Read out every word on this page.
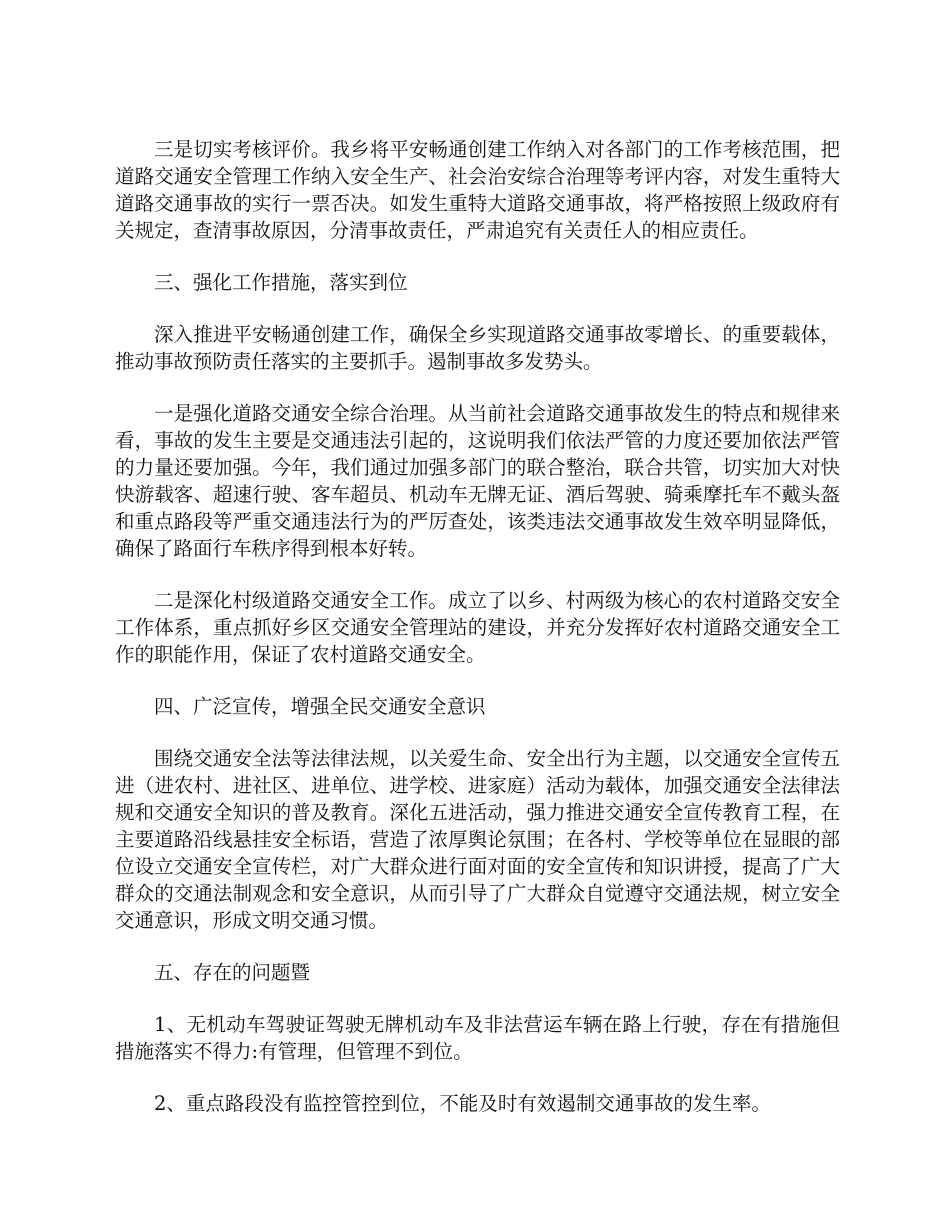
三是切实考核评价。我乡将平安畅通创建工作纳入对各部门的工作考核范围，把道路交通安全管理工作纳入安全生产、社会治安综合治理等考评内容，对发生重特大道路交通事故的实行一票否决。如发生重特大道路交通事故，将严格按照上级政府有关规定，查清事故原因，分清事故责任，严肃追究有关责任人的相应责任。

三、强化工作措施，落实到位

深入推进平安畅通创建工作，确保全乡实现道路交通事故零增长、的重要载体，推动事故预防责任落实的主要抓手。遏制事故多发势头。

一是强化道路交通安全综合治理。从当前社会道路交通事故发生的特点和规律来看，事故的发生主要是交通违法引起的，这说明我们依法严管的力度还要加依法严管的力量还要加强。今年，我们通过加强多部门的联合整治，联合共管，切实加大对快快游载客、超速行驶、客车超员、机动车无牌无证、酒后驾驶、骑乘摩托车不戴头盔和重点路段等严重交通违法行为的严厉查处，该类违法交通事故发生效卒明显降低，确保了路面行车秩序得到根本好转。

二是深化村级道路交通安全工作。成立了以乡、村两级为核心的农村道路交安全工作体系，重点抓好乡区交通安全管理站的建设，并充分发挥好农村道路交通安全工作的职能作用，保证了农村道路交通安全。

四、广泛宣传，增强全民交通安全意识

围绕交通安全法等法律法规，以关爱生命、安全出行为主题，以交通安全宣传五进（进农村、进社区、进单位、进学校、进家庭）活动为载体，加强交通安全法律法规和交通安全知识的普及教育。深化五进活动，强力推进交通安全宣传教育工程，在主要道路沿线悬挂安全标语，营造了浓厚舆论氛围；在各村、学校等单位在显眼的部位设立交通安全宣传栏，对广大群众进行面对面的安全宣传和知识讲授，提高了广大群众的交通法制观念和安全意识，从而引导了广大群众自觉遵守交通法规，树立安全交通意识，形成文明交通习惯。

五、存在的问题暨

1、无机动车驾驶证驾驶无牌机动车及非法营运车辆在路上行驶，存在有措施但措施落实不得力:有管理，但管理不到位。

2、重点路段没有监控管控到位，不能及时有效遏制交通事故的发生率。
